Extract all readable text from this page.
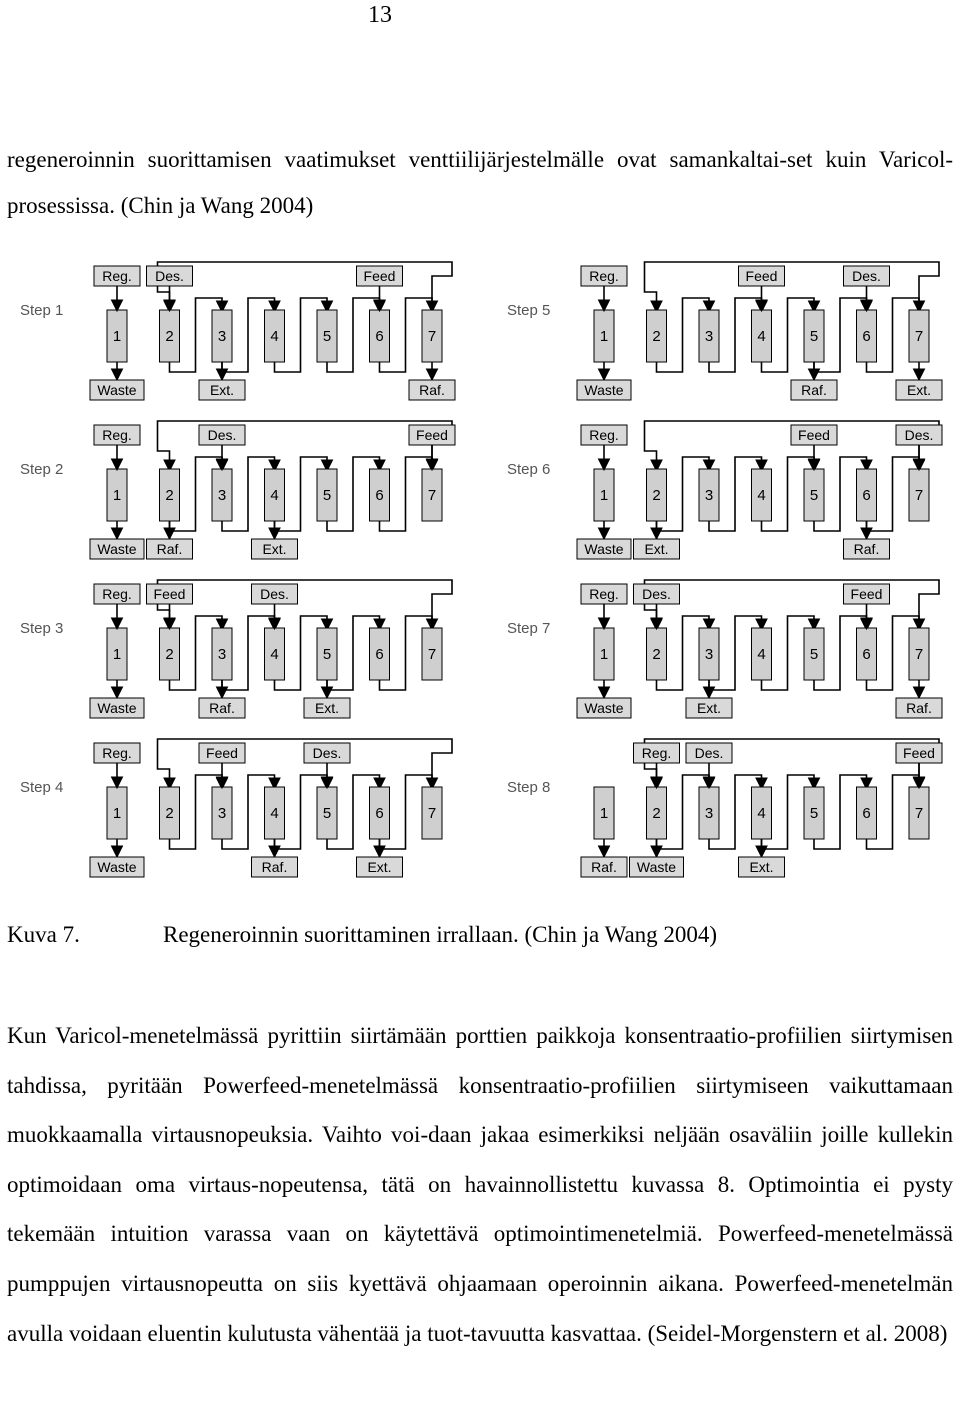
13

regeneroinnin suorittamisen vaatimukset venttiilijärjestelmälle ovat samankaltai-set kuin Varicol-prosessissa. (Chin ja Wang 2004)

Step 1
1	2	3	4	5	6	7
Reg. Des.	Feed
Waste	Ext.	Raf.
Step 2
1	2	3	4	5	6	7
Reg.	Des.	Feed
Waste Raf.	Ext.
Step 3
1	2	3	4	5	6	7
Reg. Feed	Des.
Waste	Raf.	Ext.
Step 4
1	2	3	4	5	6	7
Reg.	Feed	Des.
Waste	Raf.	Ext.
Step 5
1	2	3	4	5	6	7
Reg.	Feed	Des.
Waste	Raf.	Ext.
Step 6
1	2	3	4	5	6	7
Reg.	Feed	Des.
Waste Ext.	Raf.
Step 7
1	2	3	4	5	6	7
Reg. Des.	Feed
Waste	Ext.	Raf.
Step 8
1	2	3	4	5	6	7
Reg. Des.	Feed
Raf. Waste	Ext.
Kuva 7.	Regeneroinnin suorittaminen irrallaan. (Chin ja Wang 2004)

Kun Varicol-menetelmässä pyrittiin siirtämään porttien paikkoja konsentraatio-profiilien siirtymisen tahdissa, pyritään Powerfeed-menetelmässä konsentraatio-profiilien siirtymiseen vaikuttamaan muokkaamalla virtausnopeuksia. Vaihto voi-daan jakaa esimerkiksi neljään osaväliin joille kullekin optimoidaan oma virtaus-nopeutensa, tätä on havainnollistettu kuvassa 8. Optimointia ei pysty tekemään intuition varassa vaan on käytettävä optimointimenetelmiä. Powerfeed-menetelmässä pumppujen virtausnopeutta on siis kyettävä ohjaamaan operoinnin aikana. Powerfeed-menetelmän avulla voidaan eluentin kulutusta vähentää ja tuot-tavuutta kasvattaa. (Seidel-Morgenstern et al. 2008)
